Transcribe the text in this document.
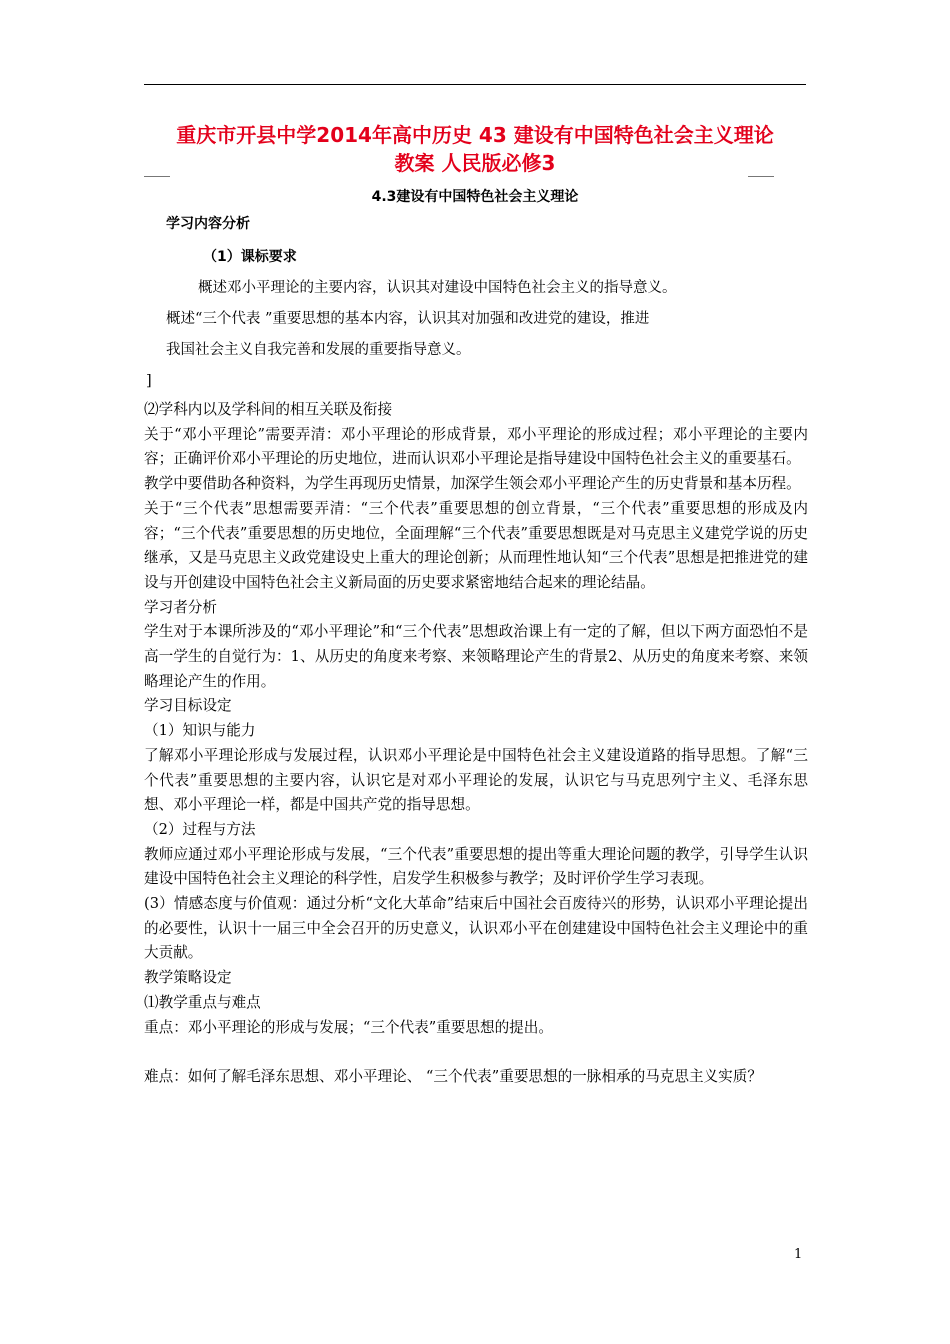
重庆市开县中学2014年高中历史 43 建设有中国特色社会主义理论
教案 人民版必修3
4.3建设有中国特色社会主义理论
学习内容分析
（1）课标要求
概述邓小平理论的主要内容，认识其对建设中国特色社会主义的指导意义。
概述“三个代表 ”重要思想的基本内容，认识其对加强和改进党的建设，推进
我国社会主义自我完善和发展的重要指导意义。
]

⑵学科内以及学科间的相互关联及衔接

关于“邓小平理论”需要弄清：邓小平理论的形成背景，邓小平理论的形成过程；邓小平理论的主要内容；正确评价邓小平理论的历史地位，进而认识邓小平理论是指导建设中国特色社会主义的重要基石。

教学中要借助各种资料，为学生再现历史情景，加深学生领会邓小平理论产生的历史背景和基本历程。

关于“三个代表”思想需要弄清：“三个代表”重要思想的创立背景，“三个代表”重要思想的形成及内容；“三个代表”重要思想的历史地位，全面理解“三个代表”重要思想既是对马克思主义建党学说的历史继承，又是马克思主义政党建设史上重大的理论创新；从而理性地认知“三个代表”思想是把推进党的建设与开创建设中国特色社会主义新局面的历史要求紧密地结合起来的理论结晶。

学习者分析

学生对于本课所涉及的“邓小平理论”和“三个代表”思想政治课上有一定的了解，但以下两方面恐怕不是高一学生的自觉行为：1、从历史的角度来考察、来领略理论产生的背景2、从历史的角度来考察、来领略理论产生的作用。

学习目标设定

（1）知识与能力

了解邓小平理论形成与发展过程，认识邓小平理论是中国特色社会主义建设道路的指导思想。了解“三个代表”重要思想的主要内容，认识它是对邓小平理论的发展，认识它与马克思列宁主义、毛泽东思想、邓小平理论一样，都是中国共产党的指导思想。

（2）过程与方法

教师应通过邓小平理论形成与发展，“三个代表”重要思想的提出等重大理论问题的教学，引导学生认识建设中国特色社会主义理论的科学性，启发学生积极参与教学；及时评价学生学习表现。

(3）情感态度与价值观：通过分析“文化大革命”结束后中国社会百废待兴的形势，认识邓小平理论提出的必要性，认识十一届三中全会召开的历史意义，认识邓小平在创建建设中国特色社会主义理论中的重大贡献。

教学策略设定

⑴教学重点与难点

重点：邓小平理论的形成与发展；“三个代表”重要思想的提出。

难点：如何了解毛泽东思想、邓小平理论、 “三个代表”重要思想的一脉相承的马克思主义实质？

1
